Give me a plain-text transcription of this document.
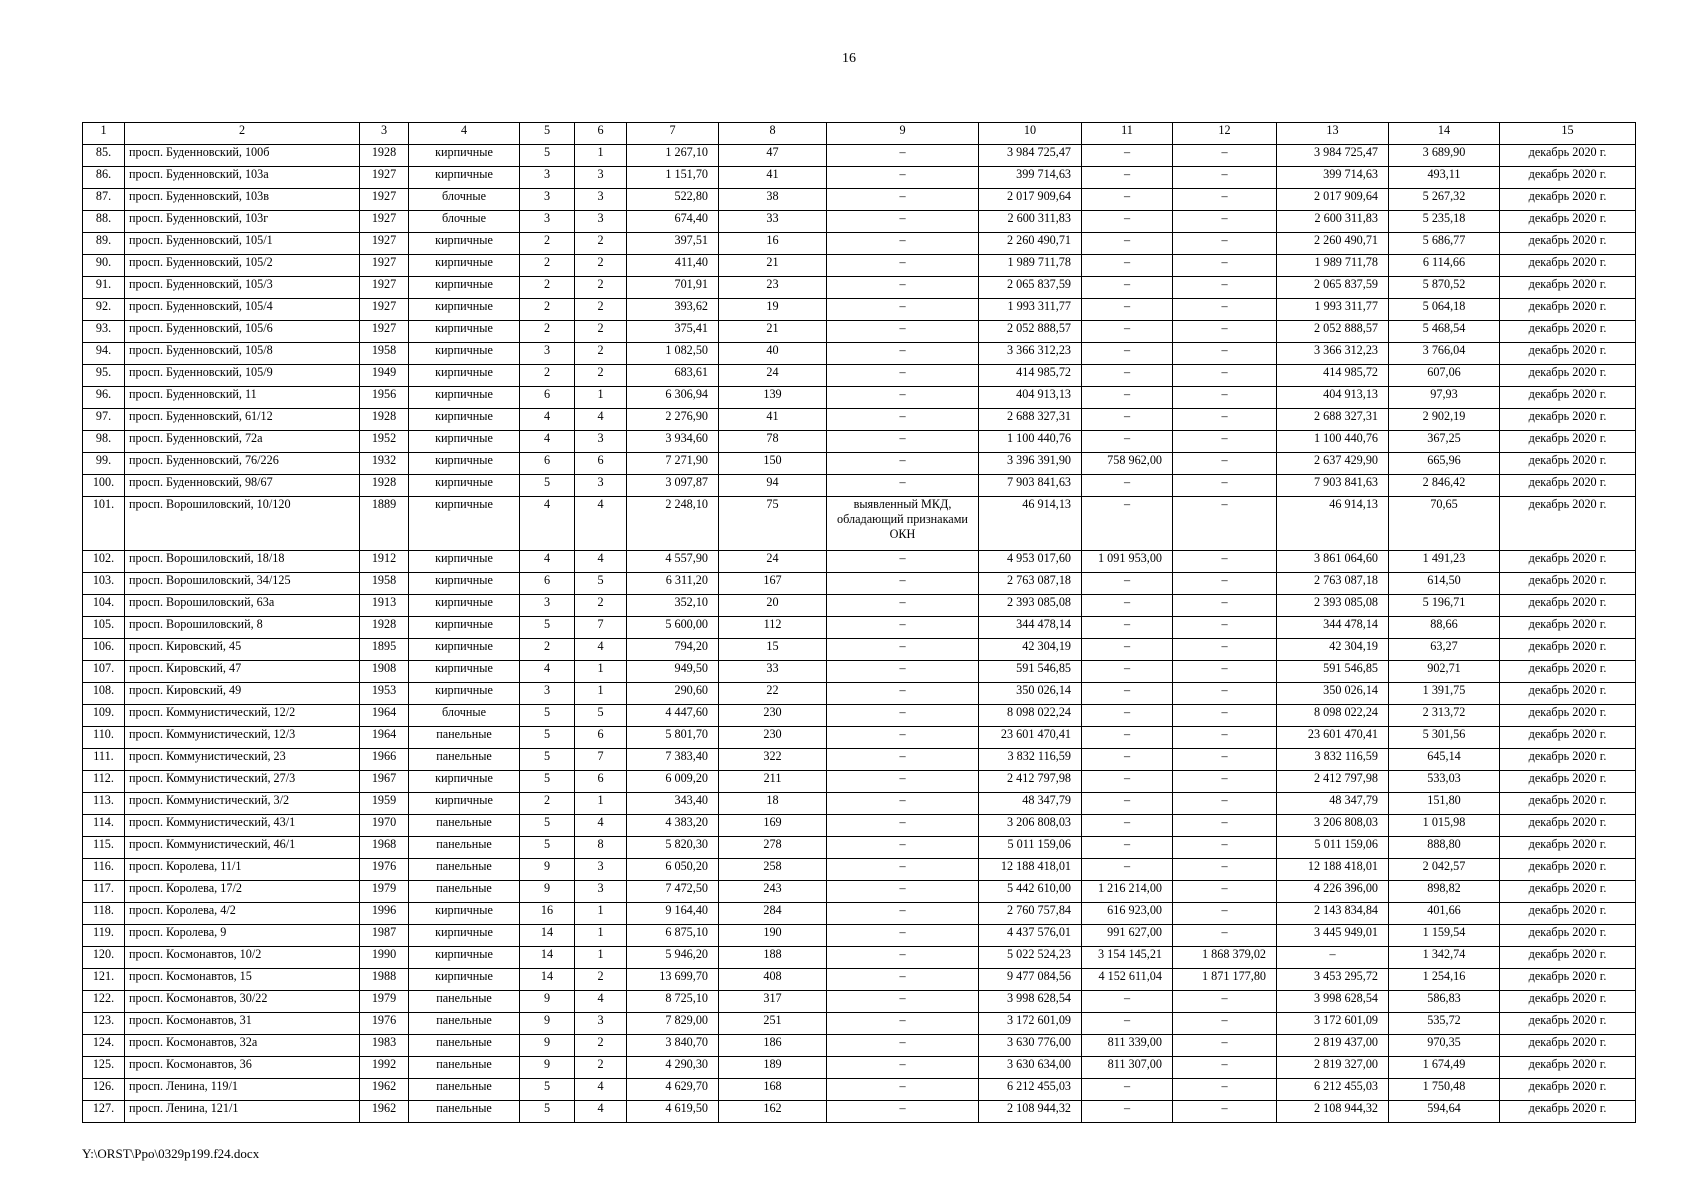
16
1	2	3	4	5	6	7	8	9	10	11	12	13	14	15
85.	просп. Буденновский, 100б	1928	кирпичные	5	1	1 267,10	47	–	3 984 725,47	–	–	3 984 725,47	3 689,90	декабрь 2020 г.
86.	просп. Буденновский, 103а	1927	кирпичные	3	3	1 151,70	41	–	399 714,63	–	–	399 714,63	493,11	декабрь 2020 г.
87.	просп. Буденновский, 103в	1927	блочные	3	3	522,80	38	–	2 017 909,64	–	–	2 017 909,64	5 267,32	декабрь 2020 г.
88.	просп. Буденновский, 103г	1927	блочные	3	3	674,40	33	–	2 600 311,83	–	–	2 600 311,83	5 235,18	декабрь 2020 г.
89.	просп. Буденновский, 105/1	1927	кирпичные	2	2	397,51	16	–	2 260 490,71	–	–	2 260 490,71	5 686,77	декабрь 2020 г.
90.	просп. Буденновский, 105/2	1927	кирпичные	2	2	411,40	21	–	1 989 711,78	–	–	1 989 711,78	6 114,66	декабрь 2020 г.
91.	просп. Буденновский, 105/3	1927	кирпичные	2	2	701,91	23	–	2 065 837,59	–	–	2 065 837,59	5 870,52	декабрь 2020 г.
92.	просп. Буденновский, 105/4	1927	кирпичные	2	2	393,62	19	–	1 993 311,77	–	–	1 993 311,77	5 064,18	декабрь 2020 г.
93.	просп. Буденновский, 105/6	1927	кирпичные	2	2	375,41	21	–	2 052 888,57	–	–	2 052 888,57	5 468,54	декабрь 2020 г.
94.	просп. Буденновский, 105/8	1958	кирпичные	3	2	1 082,50	40	–	3 366 312,23	–	–	3 366 312,23	3 766,04	декабрь 2020 г.
95.	просп. Буденновский, 105/9	1949	кирпичные	2	2	683,61	24	–	414 985,72	–	–	414 985,72	607,06	декабрь 2020 г.
96.	просп. Буденновский, 11	1956	кирпичные	6	1	6 306,94	139	–	404 913,13	–	–	404 913,13	97,93	декабрь 2020 г.
97.	просп. Буденновский, 61/12	1928	кирпичные	4	4	2 276,90	41	–	2 688 327,31	–	–	2 688 327,31	2 902,19	декабрь 2020 г.
98.	просп. Буденновский, 72а	1952	кирпичные	4	3	3 934,60	78	–	1 100 440,76	–	–	1 100 440,76	367,25	декабрь 2020 г.
99.	просп. Буденновский, 76/226	1932	кирпичные	6	6	7 271,90	150	–	3 396 391,90	758 962,00	–	2 637 429,90	665,96	декабрь 2020 г.
100.	просп. Буденновский, 98/67	1928	кирпичные	5	3	3 097,87	94	–	7 903 841,63	–	–	7 903 841,63	2 846,42	декабрь 2020 г.
101.	просп. Ворошиловский, 10/120	1889	кирпичные	4	4	2 248,10	75	выявленный МКД, обладающий признаками ОКН	46 914,13	–	–	46 914,13	70,65	декабрь 2020 г.
102.	просп. Ворошиловский, 18/18	1912	кирпичные	4	4	4 557,90	24	–	4 953 017,60	1 091 953,00	–	3 861 064,60	1 491,23	декабрь 2020 г.
103.	просп. Ворошиловский, 34/125	1958	кирпичные	6	5	6 311,20	167	–	2 763 087,18	–	–	2 763 087,18	614,50	декабрь 2020 г.
104.	просп. Ворошиловский, 63а	1913	кирпичные	3	2	352,10	20	–	2 393 085,08	–	–	2 393 085,08	5 196,71	декабрь 2020 г.
105.	просп. Ворошиловский, 8	1928	кирпичные	5	7	5 600,00	112	–	344 478,14	–	–	344 478,14	88,66	декабрь 2020 г.
106.	просп. Кировский, 45	1895	кирпичные	2	4	794,20	15	–	42 304,19	–	–	42 304,19	63,27	декабрь 2020 г.
107.	просп. Кировский, 47	1908	кирпичные	4	1	949,50	33	–	591 546,85	–	–	591 546,85	902,71	декабрь 2020 г.
108.	просп. Кировский, 49	1953	кирпичные	3	1	290,60	22	–	350 026,14	–	–	350 026,14	1 391,75	декабрь 2020 г.
109.	просп. Коммунистический, 12/2	1964	блочные	5	5	4 447,60	230	–	8 098 022,24	–	–	8 098 022,24	2 313,72	декабрь 2020 г.
110.	просп. Коммунистический, 12/3	1964	панельные	5	6	5 801,70	230	–	23 601 470,41	–	–	23 601 470,41	5 301,56	декабрь 2020 г.
111.	просп. Коммунистический, 23	1966	панельные	5	7	7 383,40	322	–	3 832 116,59	–	–	3 832 116,59	645,14	декабрь 2020 г.
112.	просп. Коммунистический, 27/3	1967	кирпичные	5	6	6 009,20	211	–	2 412 797,98	–	–	2 412 797,98	533,03	декабрь 2020 г.
113.	просп. Коммунистический, 3/2	1959	кирпичные	2	1	343,40	18	–	48 347,79	–	–	48 347,79	151,80	декабрь 2020 г.
114.	просп. Коммунистический, 43/1	1970	панельные	5	4	4 383,20	169	–	3 206 808,03	–	–	3 206 808,03	1 015,98	декабрь 2020 г.
115.	просп. Коммунистический, 46/1	1968	панельные	5	8	5 820,30	278	–	5 011 159,06	–	–	5 011 159,06	888,80	декабрь 2020 г.
116.	просп. Королева, 11/1	1976	панельные	9	3	6 050,20	258	–	12 188 418,01	–	–	12 188 418,01	2 042,57	декабрь 2020 г.
117.	просп. Королева, 17/2	1979	панельные	9	3	7 472,50	243	–	5 442 610,00	1 216 214,00	–	4 226 396,00	898,82	декабрь 2020 г.
118.	просп. Королева, 4/2	1996	кирпичные	16	1	9 164,40	284	–	2 760 757,84	616 923,00	–	2 143 834,84	401,66	декабрь 2020 г.
119.	просп. Королева, 9	1987	кирпичные	14	1	6 875,10	190	–	4 437 576,01	991 627,00	–	3 445 949,01	1 159,54	декабрь 2020 г.
120.	просп. Космонавтов, 10/2	1990	кирпичные	14	1	5 946,20	188	–	5 022 524,23	3 154 145,21	1 868 379,02	–	1 342,74	декабрь 2020 г.
121.	просп. Космонавтов, 15	1988	кирпичные	14	2	13 699,70	408	–	9 477 084,56	4 152 611,04	1 871 177,80	3 453 295,72	1 254,16	декабрь 2020 г.
122.	просп. Космонавтов, 30/22	1979	панельные	9	4	8 725,10	317	–	3 998 628,54	–	–	3 998 628,54	586,83	декабрь 2020 г.
123.	просп. Космонавтов, 31	1976	панельные	9	3	7 829,00	251	–	3 172 601,09	–	–	3 172 601,09	535,72	декабрь 2020 г.
124.	просп. Космонавтов, 32а	1983	панельные	9	2	3 840,70	186	–	3 630 776,00	811 339,00	–	2 819 437,00	970,35	декабрь 2020 г.
125.	просп. Космонавтов, 36	1992	панельные	9	2	4 290,30	189	–	3 630 634,00	811 307,00	–	2 819 327,00	1 674,49	декабрь 2020 г.
126.	просп. Ленина, 119/1	1962	панельные	5	4	4 629,70	168	–	6 212 455,03	–	–	6 212 455,03	1 750,48	декабрь 2020 г.
127.	просп. Ленина, 121/1	1962	панельные	5	4	4 619,50	162	–	2 108 944,32	–	–	2 108 944,32	594,64	декабрь 2020 г.
Y:\ORST\Ppo\0329p199.f24.docx
